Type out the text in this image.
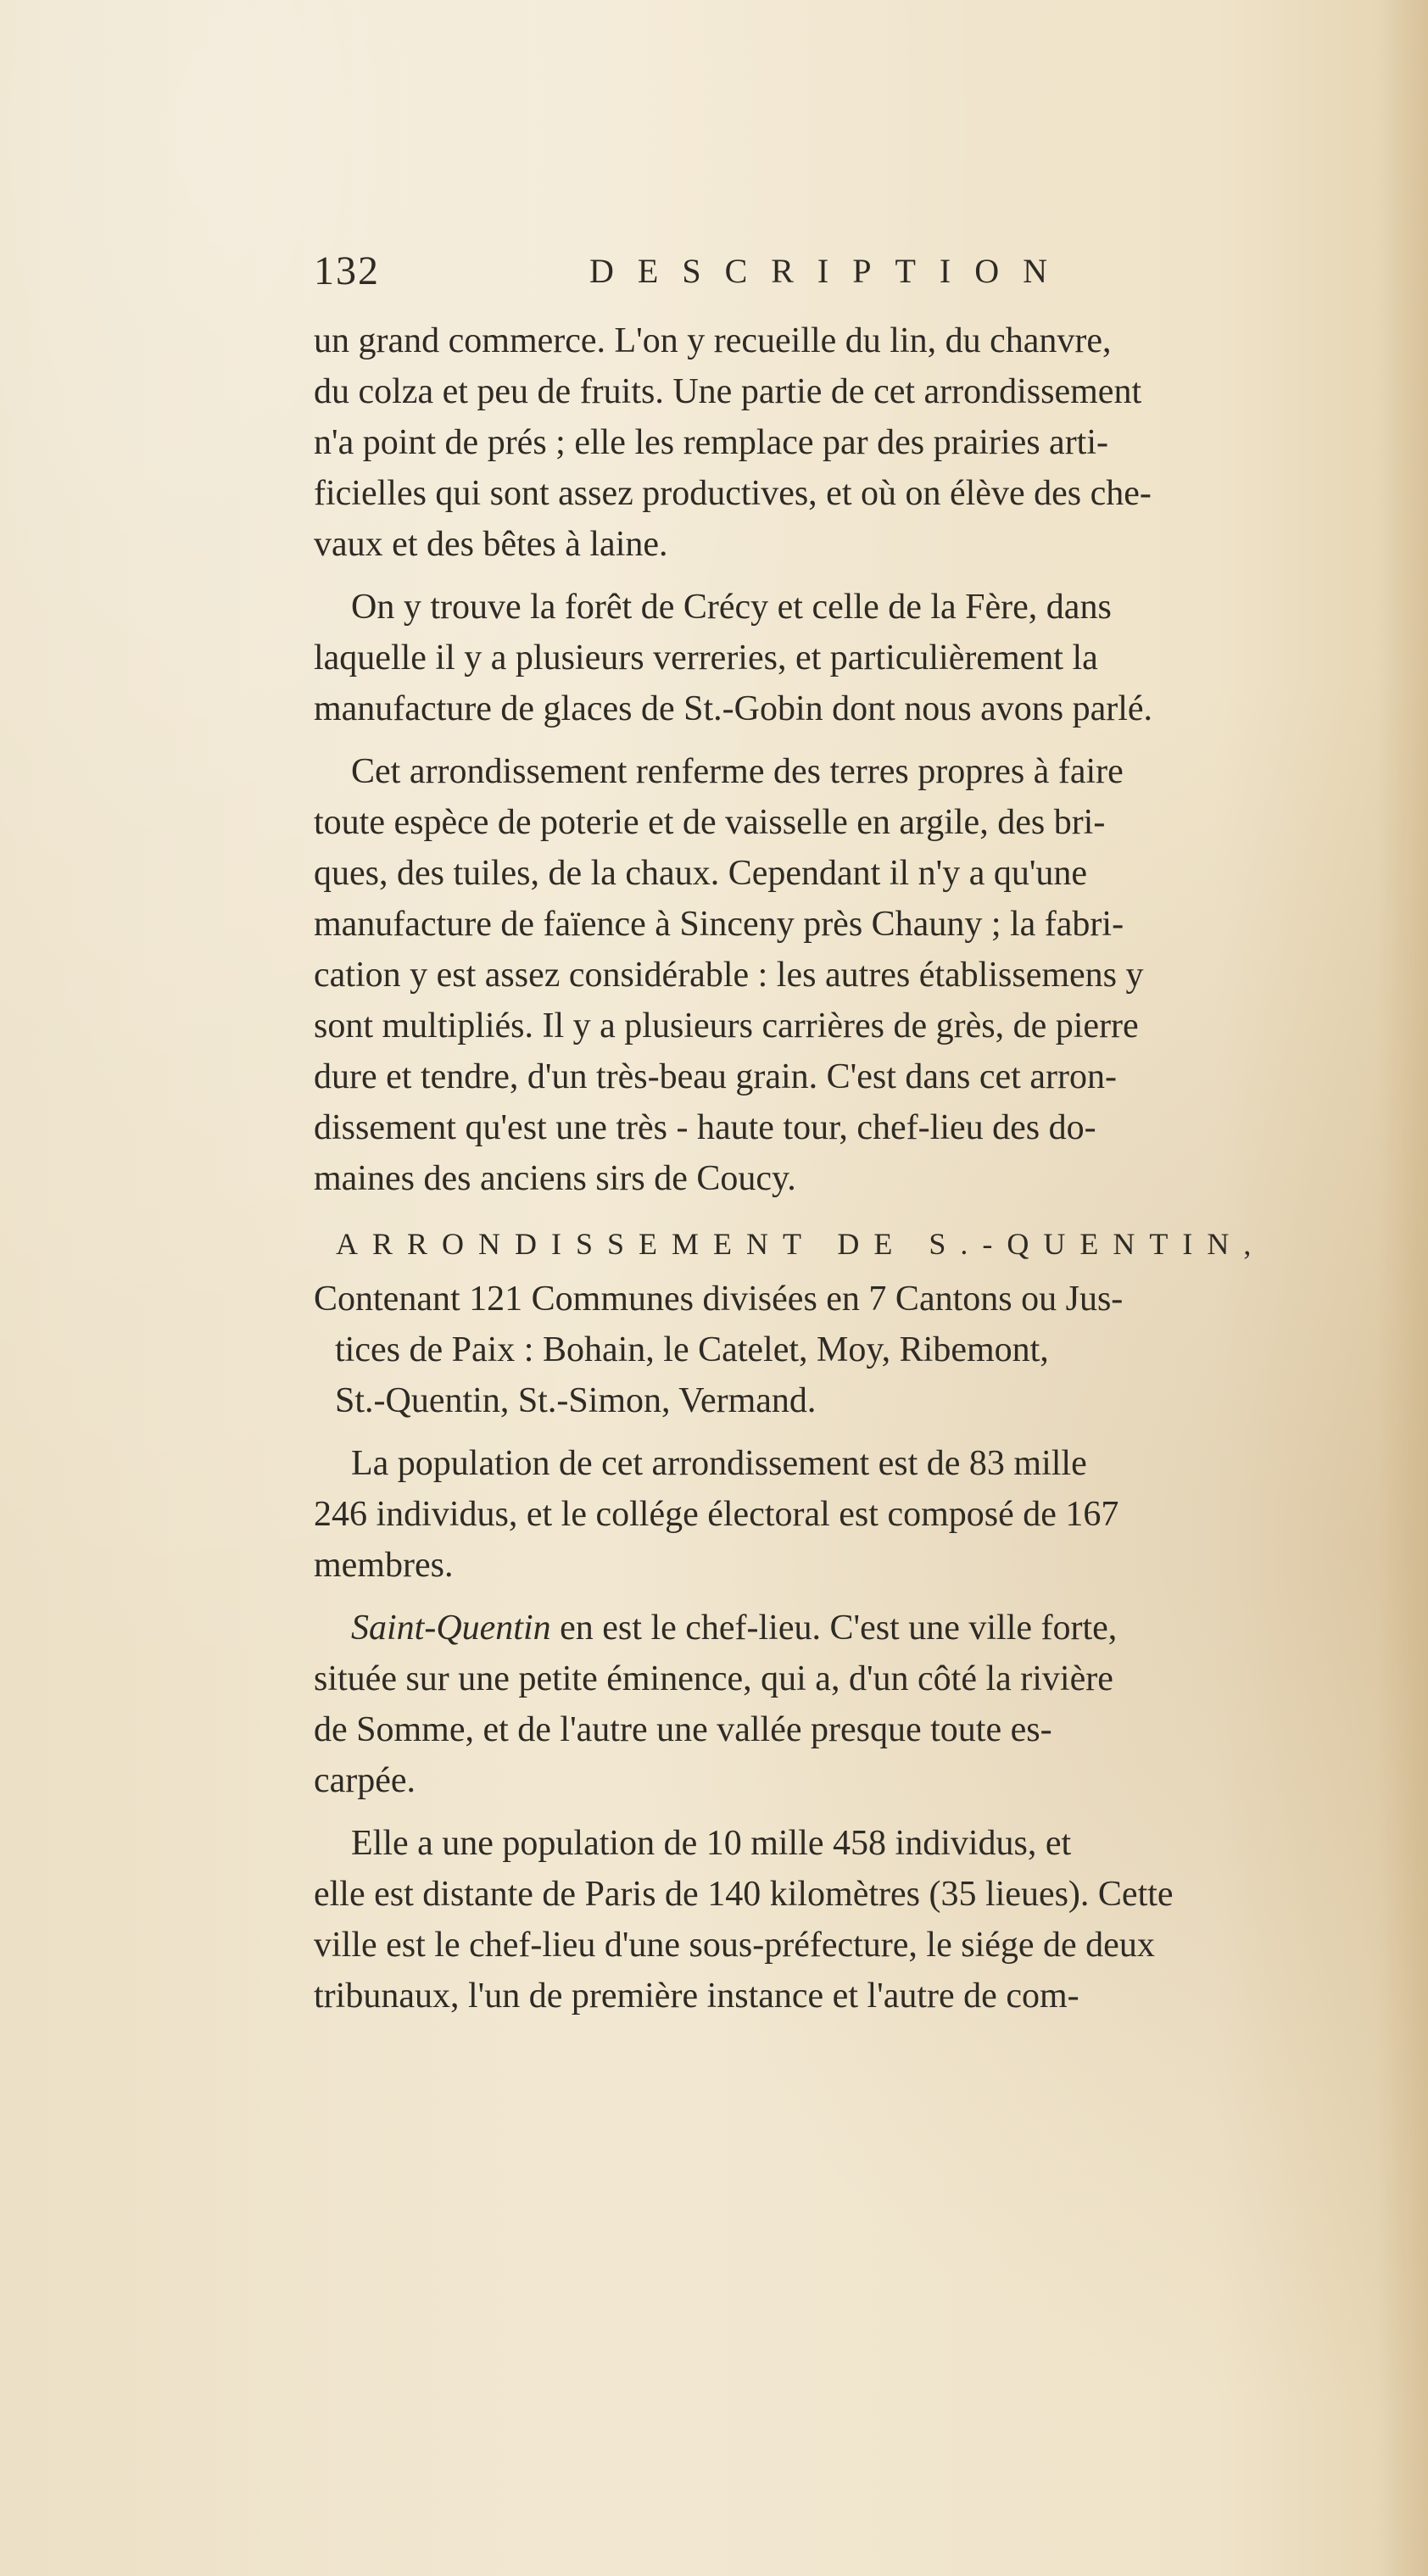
132	DESCRIPTION

un grand commerce. L'on y recueille du lin, du chanvre,
du colza et peu de fruits. Une partie de cet arrondissement
n'a point de prés ; elle les remplace par des prairies arti-
ficielles qui sont assez productives, et où on élève des che-
vaux et des bêtes à laine.

On y trouve la forêt de Crécy et celle de la Fère, dans
laquelle il y a plusieurs verreries, et particulièrement la
manufacture de glaces de St.-Gobin dont nous avons parlé.

Cet arrondissement renferme des terres propres à faire
toute espèce de poterie et de vaisselle en argile, des bri-
ques, des tuiles, de la chaux. Cependant il n'y a qu'une
manufacture de faïence à Sinceny près Chauny ; la fabri-
cation y est assez considérable : les autres établissemens y
sont multipliés. Il y a plusieurs carrières de grès, de pierre
dure et tendre, d'un très-beau grain. C'est dans cet arron-
dissement qu'est une très - haute tour, chef-lieu des do-
maines des anciens sirs de Coucy.

ARRONDISSEMENT DE S.-QUENTIN,

Contenant 121 Communes divisées en 7 Cantons ou Jus-
tices de Paix : Bohain, le Catelet, Moy, Ribemont,
St.-Quentin, St.-Simon, Vermand.

La population de cet arrondissement est de 83 mille
246 individus, et le collége électoral est composé de 167
membres.

Saint-Quentin en est le chef-lieu. C'est une ville forte,
située sur une petite éminence, qui a, d'un côté la rivière
de Somme, et de l'autre une vallée presque toute es-
carpée.

Elle a une population de 10 mille 458 individus, et
elle est distante de Paris de 140 kilomètres (35 lieues). Cette
ville est le chef-lieu d'une sous-préfecture, le siége de deux
tribunaux, l'un de première instance et l'autre de com-
